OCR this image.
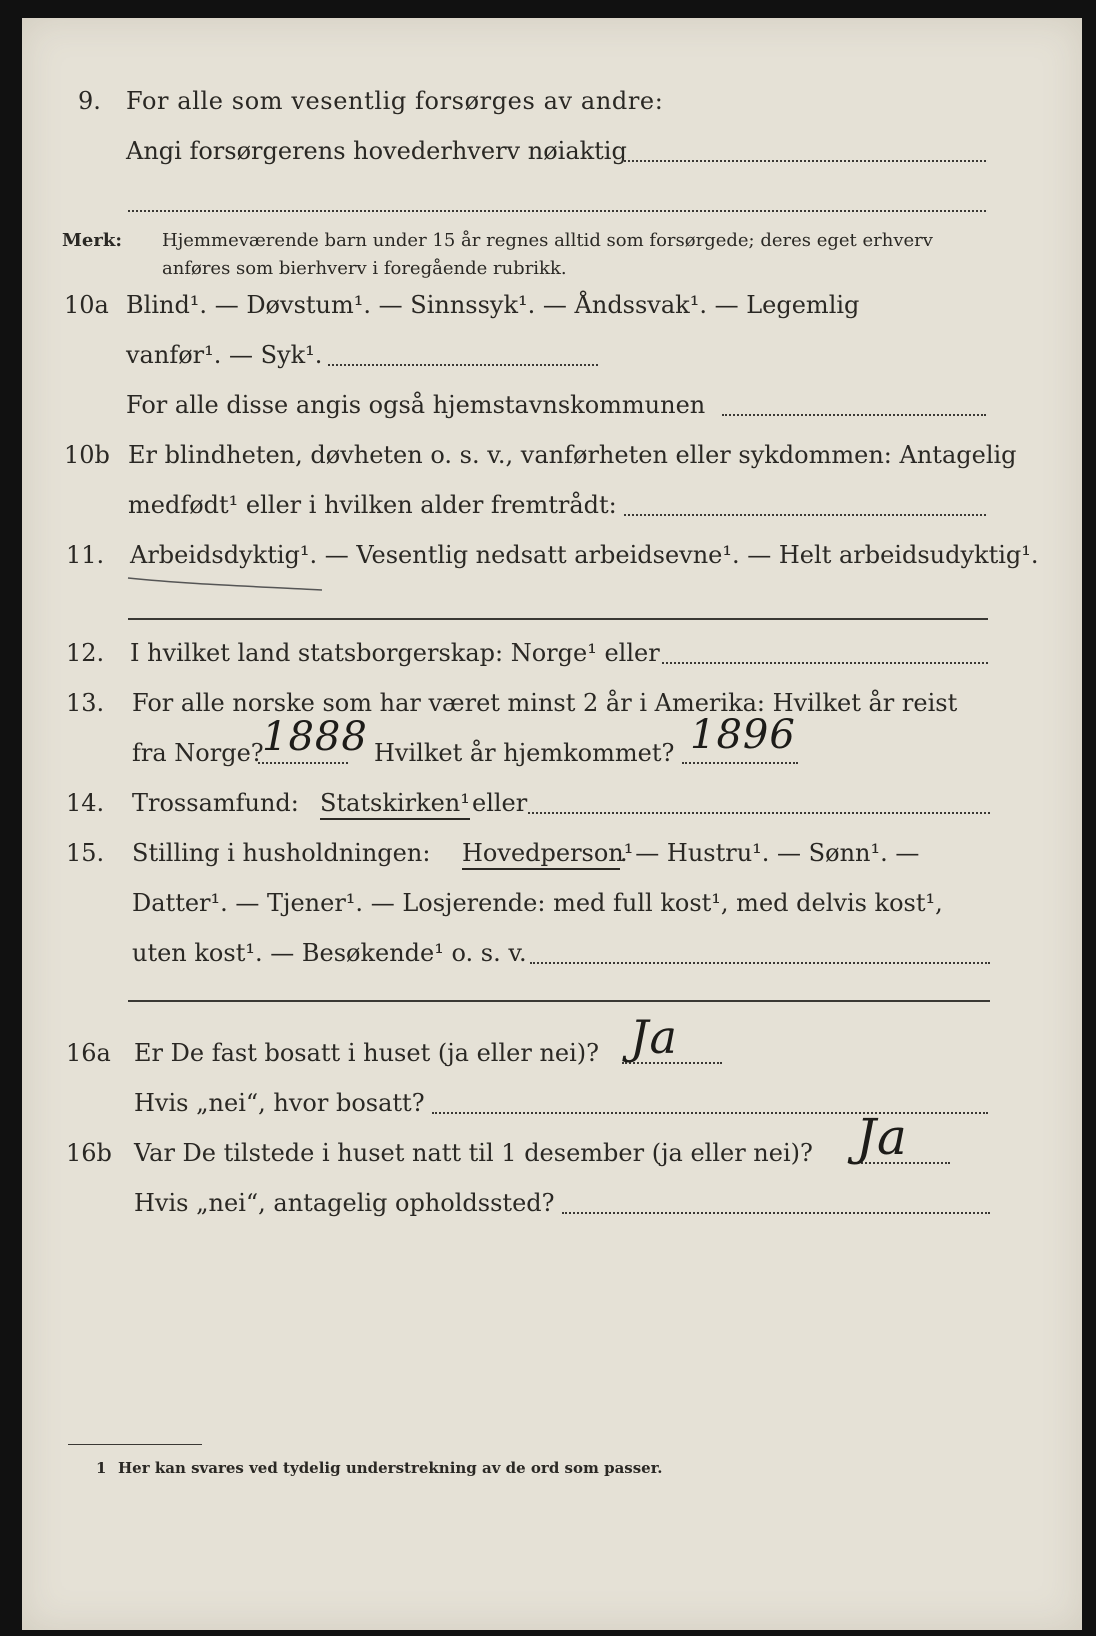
9. For alle som vesentlig forsørges av andre:
Angi forsørgerens hovederhverv nøiaktig
Merk: Hjemmeværende barn under 15 år regnes alltid som forsørgede; deres eget erhverv
anføres som bierhverv i foregående rubrikk.
10a Blind¹. — Døvstum¹. — Sinnssyk¹. — Åndssvak¹. — Legemlig
vanfør¹. — Syk¹.
For alle disse angis også hjemstavnskommunen
10b Er blindheten, døvheten o. s. v., vanførheten eller sykdommen: Antagelig
medfødt¹ eller i hvilken alder fremtrådt:
11. Arbeidsdyktig¹. — Vesentlig nedsatt arbeidsevne¹. — Helt arbeidsudyktig¹.
12. I hvilket land statsborgerskap: Norge¹ eller
13. For alle norske som har været minst 2 år i Amerika: Hvilket år reist
fra Norge?
1888 Hvilket år hjemkommet? 1896
14. Trossamfund: Statskirken¹ eller
15. Stilling i husholdningen: Hovedperson¹
. — Hustru¹. — Sønn¹. —
Datter¹. — Tjener¹. — Losjerende: med full kost¹, med delvis kost¹,
uten kost¹. — Besøkende¹ o. s. v.
16a Er De fast bosatt i huset (ja eller nei)? Ja
Hvis „nei“, hvor bosatt?
16b Var De tilstede i huset natt til 1 desember (ja eller nei)? Ja
Hvis „nei“, antagelig opholdssted?
1 Her kan svares ved tydelig understrekning av de ord som passer.
